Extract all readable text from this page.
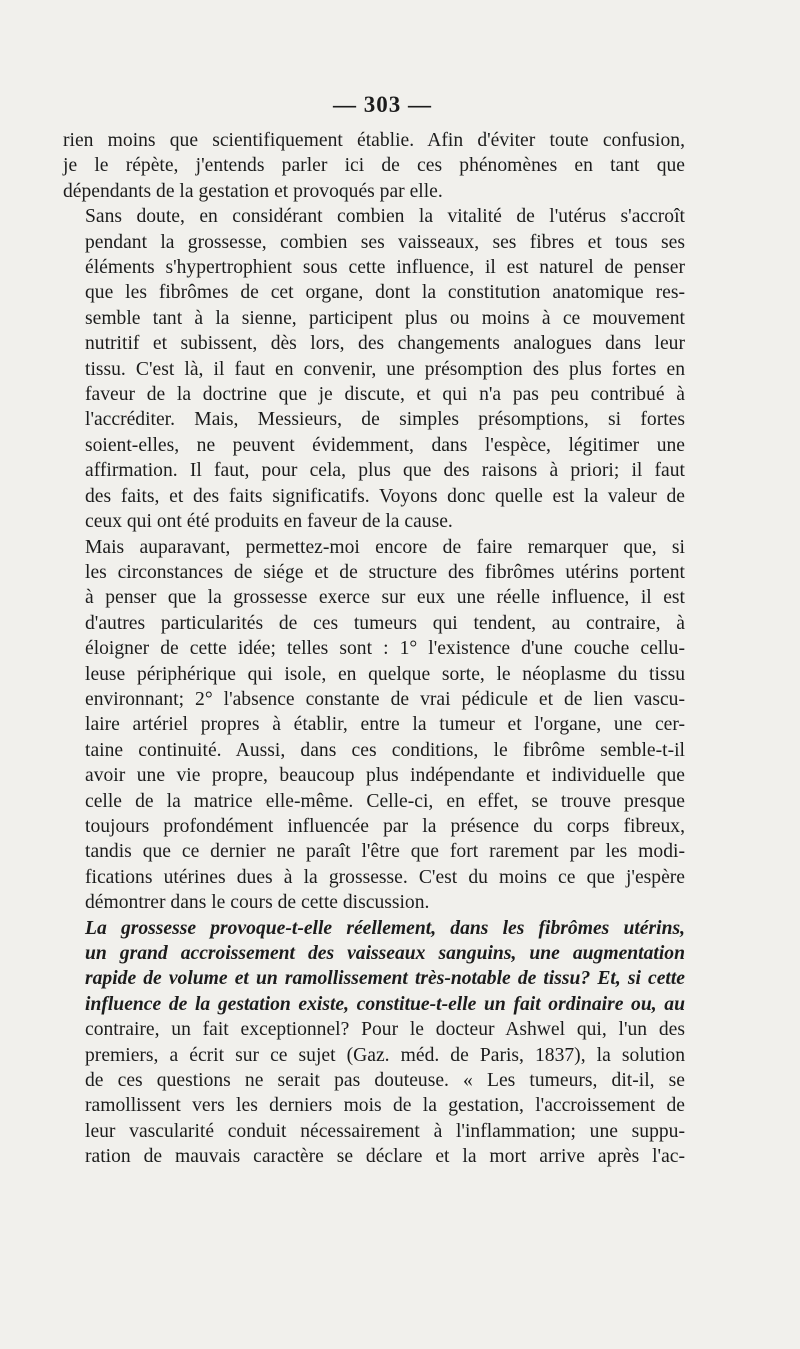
— 303 —

rien moins que scientifiquement établie. Afin d'éviter toute confusion,
je le répète, j'entends parler ici de ces phénomènes en tant que
dépendants de la gestation et provoqués par elle.

Sans doute, en considérant combien la vitalité de l'utérus s'accroît
pendant la grossesse, combien ses vaisseaux, ses fibres et tous ses
éléments s'hypertrophient sous cette influence, il est naturel de penser
que les fibrômes de cet organe, dont la constitution anatomique res-
semble tant à la sienne, participent plus ou moins à ce mouvement
nutritif et subissent, dès lors, des changements analogues dans leur
tissu. C'est là, il faut en convenir, une présomption des plus fortes en
faveur de la doctrine que je discute, et qui n'a pas peu contribué à
l'accréditer. Mais, Messieurs, de simples présomptions, si fortes
soient-elles, ne peuvent évidemment, dans l'espèce, légitimer une
affirmation. Il faut, pour cela, plus que des raisons à priori; il faut
des faits, et des faits significatifs. Voyons donc quelle est la valeur de
ceux qui ont été produits en faveur de la cause.

Mais auparavant, permettez-moi encore de faire remarquer que, si
les circonstances de siége et de structure des fibrômes utérins portent
à penser que la grossesse exerce sur eux une réelle influence, il est
d'autres particularités de ces tumeurs qui tendent, au contraire, à
éloigner de cette idée; telles sont : 1° l'existence d'une couche cellu-
leuse périphérique qui isole, en quelque sorte, le néoplasme du tissu
environnant; 2° l'absence constante de vrai pédicule et de lien vascu-
laire artériel propres à établir, entre la tumeur et l'organe, une cer-
taine continuité. Aussi, dans ces conditions, le fibrôme semble-t-il
avoir une vie propre, beaucoup plus indépendante et individuelle que
celle de la matrice elle-même. Celle-ci, en effet, se trouve presque
toujours profondément influencée par la présence du corps fibreux,
tandis que ce dernier ne paraît l'être que fort rarement par les modi-
fications utérines dues à la grossesse. C'est du moins ce que j'espère
démontrer dans le cours de cette discussion.

La grossesse provoque-t-elle réellement, dans les fibrômes utérins,
un grand accroissement des vaisseaux sanguins, une augmentation
rapide de volume et un ramollissement très-notable de tissu? Et, si cette
influence de la gestation existe, constitue-t-elle un fait ordinaire ou, au
contraire, un fait exceptionnel? Pour le docteur Ashwel qui, l'un des
premiers, a écrit sur ce sujet (Gaz. méd. de Paris, 1837), la solution
de ces questions ne serait pas douteuse. « Les tumeurs, dit-il, se
ramollissent vers les derniers mois de la gestation, l'accroissement de
leur vascularité conduit nécessairement à l'inflammation; une suppu-
ration de mauvais caractère se déclare et la mort arrive après l'ac-
